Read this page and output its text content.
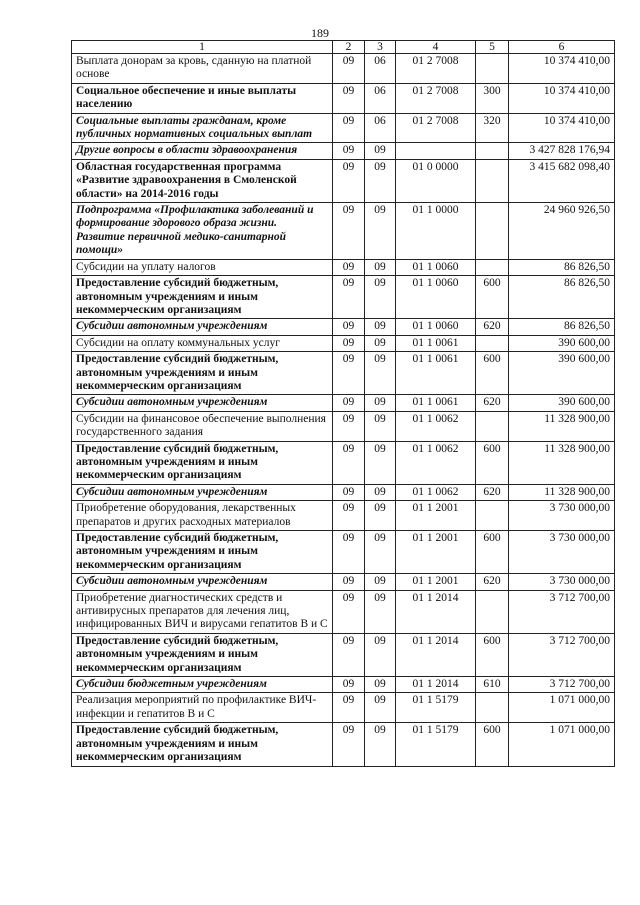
189
1	2	3	4	5	6
Выплата донорам за кровь, сданную на платной основе	09	06	01 2 7008		10 374 410,00
Социальное обеспечение и иные выплаты населению	09	06	01 2 7008	300	10 374 410,00
Социальные выплаты гражданам, кроме публичных нормативных социальных выплат	09	06	01 2 7008	320	10 374 410,00
Другие вопросы в области здравоохранения	09	09			3 427 828 176,94
Областная государственная программа «Развитие здравоохранения в Смоленской области» на 2014-2016 годы	09	09	01 0 0000		3 415 682 098,40
Подпрограмма «Профилактика заболеваний и формирование здорового образа жизни. Развитие первичной медико-санитарной помощи»	09	09	01 1 0000		24 960 926,50
Субсидии на уплату налогов	09	09	01 1 0060		86 826,50
Предоставление субсидий бюджетным, автономным учреждениям и иным некоммерческим организациям	09	09	01 1 0060	600	86 826,50
Субсидии автономным учреждениям	09	09	01 1 0060	620	86 826,50
Субсидии на оплату коммунальных услуг	09	09	01 1 0061		390 600,00
Предоставление субсидий бюджетным, автономным учреждениям и иным некоммерческим организациям	09	09	01 1 0061	600	390 600,00
Субсидии автономным учреждениям	09	09	01 1 0061	620	390 600,00
Субсидии на финансовое обеспечение выполнения государственного задания	09	09	01 1 0062		11 328 900,00
Предоставление субсидий бюджетным, автономным учреждениям и иным некоммерческим организациям	09	09	01 1 0062	600	11 328 900,00
Субсидии автономным учреждениям	09	09	01 1 0062	620	11 328 900,00
Приобретение оборудования, лекарственных препаратов и других расходных материалов	09	09	01 1 2001		3 730 000,00
Предоставление субсидий бюджетным, автономным учреждениям и иным некоммерческим организациям	09	09	01 1 2001	600	3 730 000,00
Субсидии автономным учреждениям	09	09	01 1 2001	620	3 730 000,00
Приобретение диагностических средств и антивирусных препаратов для лечения лиц, инфицированных ВИЧ и вирусами гепатитов В и С	09	09	01 1 2014		3 712 700,00
Предоставление субсидий бюджетным, автономным учреждениям и иным некоммерческим организациям	09	09	01 1 2014	600	3 712 700,00
Субсидии бюджетным учреждениям	09	09	01 1 2014	610	3 712 700,00
Реализация мероприятий по профилактике ВИЧ-инфекции и гепатитов В и С	09	09	01 1 5179		1 071 000,00
Предоставление субсидий бюджетным, автономным учреждениям и иным некоммерческим организациям	09	09	01 1 5179	600	1 071 000,00
